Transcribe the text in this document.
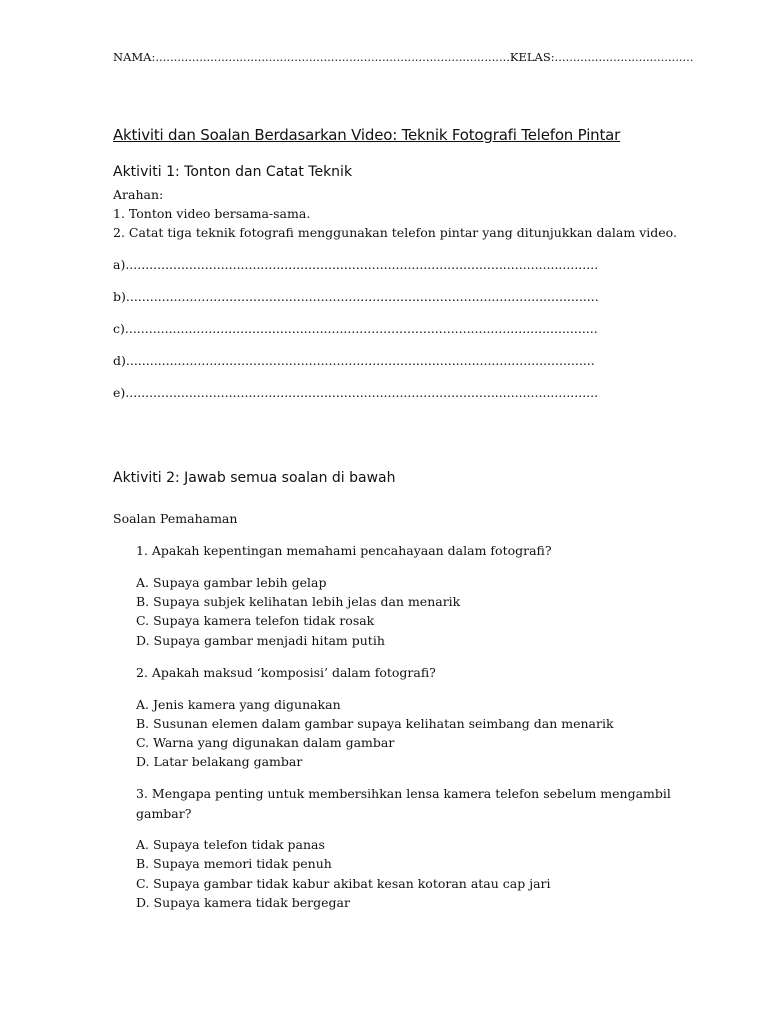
NAMA:.................................................................................................KELAS:......................................
Aktiviti dan Soalan Berdasarkan Video: Teknik Fotografi Telefon Pintar
Aktiviti 1: Tonton dan Catat Teknik
Arahan:
1. Tonton video bersama-sama.
2. Catat tiga teknik fotografi menggunakan telefon pintar yang ditunjukkan dalam video.
a).......................................................................................................................
b).......................................................................................................................
c).......................................................................................................................
d)......................................................................................................................
e).......................................................................................................................
Aktiviti 2: Jawab semua soalan di bawah
Soalan Pemahaman
1. Apakah kepentingan memahami pencahayaan dalam fotografi?
A. Supaya gambar lebih gelap
B. Supaya subjek kelihatan lebih jelas dan menarik
C. Supaya kamera telefon tidak rosak
D. Supaya gambar menjadi hitam putih
2. Apakah maksud ‘komposisi’ dalam fotografi?
A. Jenis kamera yang digunakan
B. Susunan elemen dalam gambar supaya kelihatan seimbang dan menarik
C. Warna yang digunakan dalam gambar
D. Latar belakang gambar
3. Mengapa penting untuk membersihkan lensa kamera telefon sebelum mengambil
gambar?
A. Supaya telefon tidak panas
B. Supaya memori tidak penuh
C. Supaya gambar tidak kabur akibat kesan kotoran atau cap jari
D. Supaya kamera tidak bergegar
